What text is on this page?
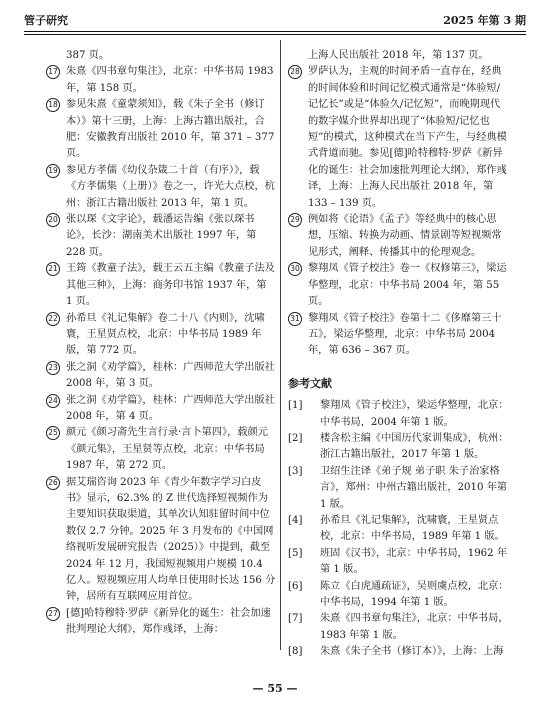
管子研究	2025 年第 3 期
387 页。
17 朱熹《四书章句集注》，北京：中华书局 1983 年，第 158 页。
18 参见朱熹《童蒙须知》，载《朱子全书（修订本）》第十三册，上海：上海古籍出版社，合肥：安徽教育出版社 2010 年，第 371 – 377 页。
19 参见方孝儒《幼仪杂箴二十首（有序）》，载《方孝儒集（上册）》卷之一，许光大点校，杭州：浙江古籍出版社 2013 年，第 1 页。
20 张以琛《文字论》，载潘运告编《张以琛书论》，长沙：湖南美术出版社 1997 年，第 228 页。
21 王筠《教童子法》，载王云五主编《教童子法及其他三种》，上海：商务印书馆 1937 年，第 1 页。
22 孙希旦《礼记集解》卷二十八《内则》，沈啸寰，王星贤点校，北京：中华书局 1989 年版，第 772 页。
23 张之洞《劝学篇》，桂林：广西师范大学出版社 2008 年，第 3 页。
24 张之洞《劝学篇》，桂林：广西师范大学出版社 2008 年，第 4 页。
25 颜元《颜习斋先生言行录·言卜第四》，载颜元《颜元集》，王星贤等点校，北京：中华书局 1987 年，第 272 页。
26 据艾瑞咨询 2023 年《青少年数字学习白皮书》显示，62.3% 的 Z 世代选择短视频作为主要知识获取渠道，其单次认知驻留时间中位数仅 2.7 分钟。2025 年 3 月发布的《中国网络视听发展研究报告（2025）》中提到，截至 2024 年 12 月，我国短视频用户规模 10.4 亿人。短视频应用人均单日使用时长达 156 分钟，居所有互联网应用首位。
27 [德]哈特穆特·罗萨《新异化的诞生：社会加速批判理论大纲》，郑作彧译，上海：
上海人民出版社 2018 年，第 137 页。
28 罗萨认为，主观的时间矛盾一直存在，经典的时间体验和时间记忆模式通常是“体验短/记忆长”或是“体验久/记忆短”，而晚期现代的数字媒介世界却出现了“体验短/记忆也短”的模式，这种模式在当下产生，与经典模式背道而驰。参见[德]哈特穆特·罗萨《新异化的诞生：社会加速批判理论大纲》，郑作彧译，上海：上海人民出版社 2018 年，第 133 – 139 页。
29 例如将《论语》《孟子》等经典中的核心思想，压缩、转换为动画、情景剧等短视频常见形式，阐释、传播其中的伦理观念。
30 黎翔凤《管子校注》卷一《权修第三》，梁运华整理，北京：中华书局 2004 年，第 55 页。
31 黎翔凤《管子校注》卷第十二《侈靡第三十五》，梁运华整理，北京：中华书局 2004 年，第 636 – 367 页。
参考文献
[1] 黎翔凤《管子校注》，梁运华整理，北京：中华书局，2004 年第 1 版。
[2] 楼含松主编《中国历代家训集成》，杭州：浙江古籍出版社，2017 年第 1 版。
[3] 卫绍生注译《弟子规 弟子职 朱子治家格言》，郑州：中州古籍出版社，2010 年第 1 版。
[4] 孙希旦《礼记集解》，沈啸寰，王星贤点校，北京：中华书局，1989 年第 1 版。
[5] 班固《汉书》，北京：中华书局，1962 年第 1 版。
[6] 陈立《白虎通疏证》，吴则虞点校，北京：中华书局，1994 年第 1 版。
[7] 朱熹《四书章句集注》，北京：中华书局，1983 年第 1 版。
[8] 朱熹《朱子全书（修订本）》，上海：上海
— 55 —
